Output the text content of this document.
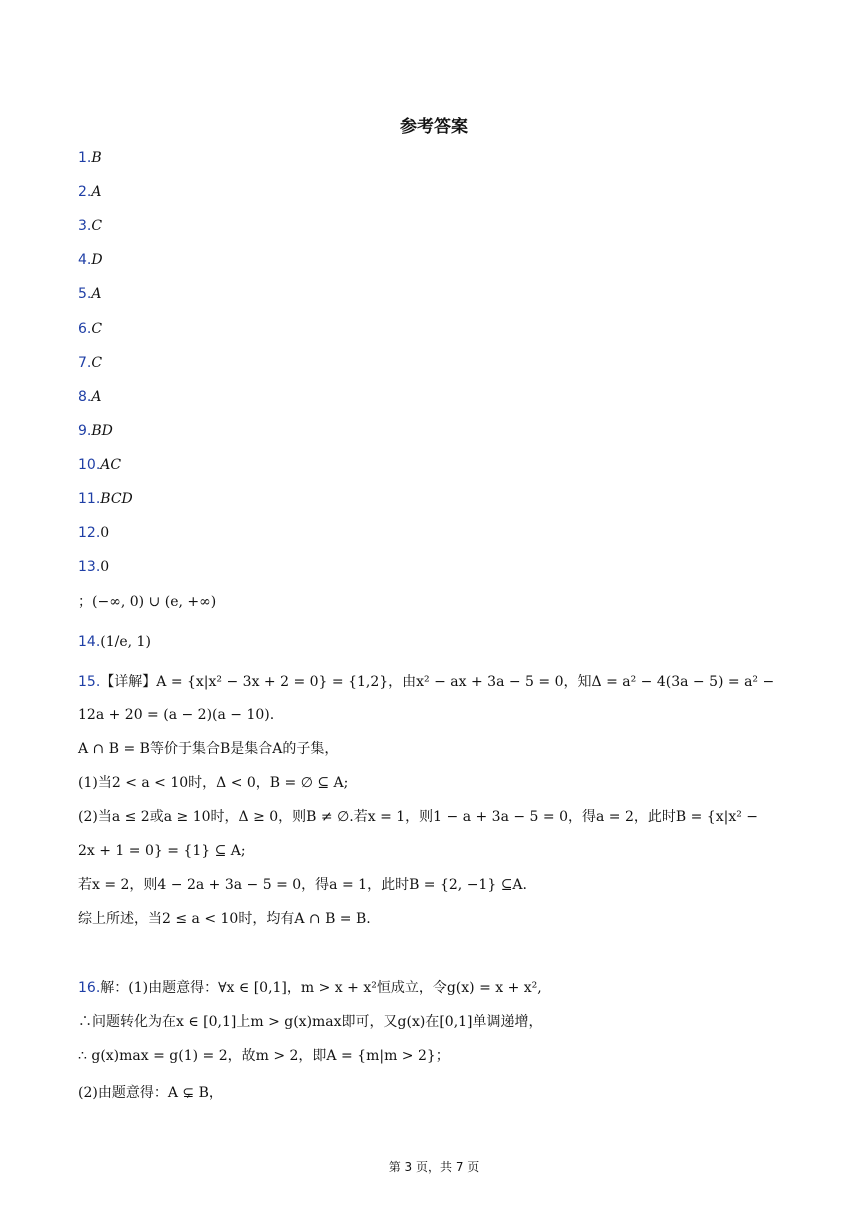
参考答案
1.B
2.A
3.C
4.D
5.A
6.C
7.C
8.A
9.BD
10.AC
11.BCD
12.0
13.0
；(−∞, 0) ∪ (e, +∞)
14.(1/e, 1)
15.【详解】A = {x|x² − 3x + 2 = 0} = {1,2}，由x² − ax + 3a − 5 = 0，知Δ = a² − 4(3a − 5) = a² −
12a + 20 = (a − 2)(a − 10).
A ∩ B = B等价于集合B是集合A的子集，
(1)当2 < a < 10时，Δ < 0，B = ∅ ⊆ A;
(2)当a ≤ 2或a ≥ 10时，Δ ≥ 0，则B ≠ ∅.若x = 1，则1 − a + 3a − 5 = 0，得a = 2，此时B = {x|x² −
2x + 1 = 0} = {1} ⊆ A;
若x = 2，则4 − 2a + 3a − 5 = 0，得a = 1，此时B = {2, −1} ⊆A.
综上所述，当2 ≤ a < 10时，均有A ∩ B = B.
16.解：(1)由题意得：∀x ∈ [0,1]，m > x + x²恒成立，令g(x) = x + x²,
∴问题转化为在x ∈ [0,1]上m > g(x)max即可，又g(x)在[0,1]单调递增，
∴ g(x)max = g(1) = 2，故m > 2，即A = {m|m > 2}；
(2)由题意得：A ⊊ B，
第 3 页，共 7 页
